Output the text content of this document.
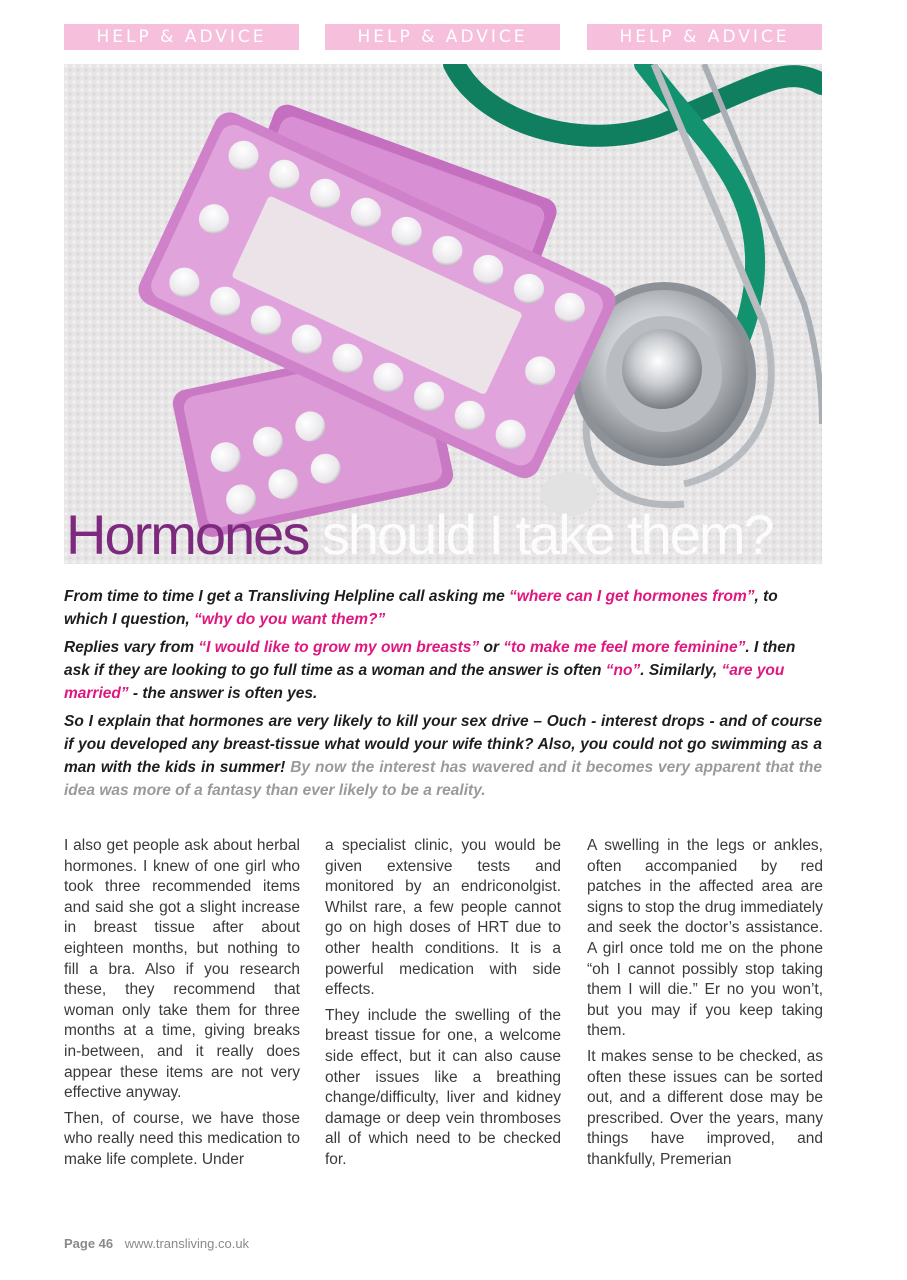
HELP & ADVICE	HELP & ADVICE	HELP & ADVICE
Hormones should I take them?

From time to time I get a Transliving Helpline call asking me “where can I get hormones from”, to which I question, “why do you want them?”

Replies vary from “I would like to grow my own breasts” or “to make me feel more feminine”. I then ask if they are looking to go full time as a woman and the answer is often “no”. Similarly, “are you married” - the answer is often yes.

So I explain that hormones are very likely to kill your sex drive – Ouch - interest drops - and of course if you developed any breast-tissue what would your wife think? Also, you could not go swimming as a man with the kids in summer! By now the interest has wavered and it becomes very apparent that the idea was more of a fantasy than ever likely to be a reality.

I also get people ask about herbal hormones. I knew of one girl who took three recommended items and said she got a slight increase in breast tissue after about eighteen months, but nothing to fill a bra. Also if you research these, they recommend that woman only take them for three months at a time, giving breaks in-between, and it really does appear these items are not very effective anyway.

Then, of course, we have those who really need this medication to make life complete. Under

a specialist clinic, you would be given extensive tests and monitored by an endriconolgist. Whilst rare, a few people cannot go on high doses of HRT due to other health conditions. It is a powerful medication with side effects.

They include the swelling of the breast tissue for one, a welcome side effect, but it can also cause other issues like a breathing change/difficulty, liver and kidney damage or deep vein thromboses all of which need to be checked for.

A swelling in the legs or ankles, often accompanied by red patches in the affected area are signs to stop the drug immediately and seek the doctor’s assistance. A girl once told me on the phone “oh I cannot possibly stop taking them I will die.” Er no you won’t, but you may if you keep taking them.

It makes sense to be checked, as often these issues can be sorted out, and a different dose may be prescribed. Over the years, many things have improved, and thankfully, Premerian

Page 46 www.transliving.co.uk
